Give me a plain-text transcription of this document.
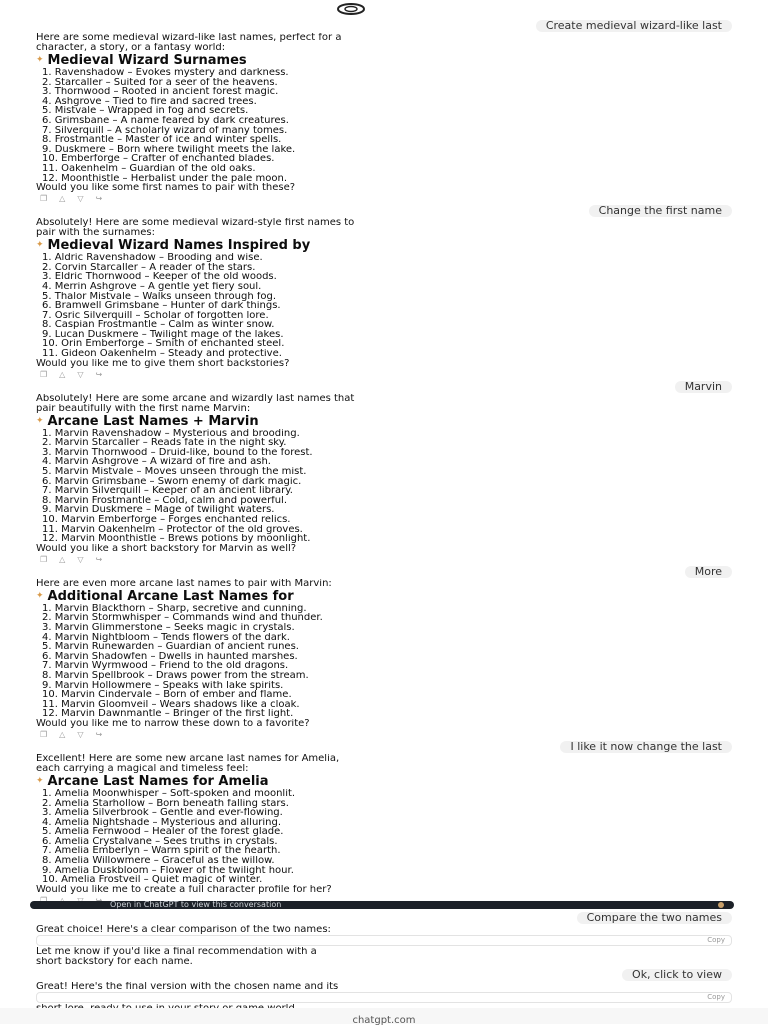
Create medieval wizard-like last

Here are some medieval wizard-like last names, perfect for a

character, a story, or a fantasy world:

✦ Medieval Wizard Surnames
1. Ravenshadow – Evokes mystery and darkness.
2. Starcaller – Suited for a seer of the heavens.
3. Thornwood – Rooted in ancient forest magic.
4. Ashgrove – Tied to fire and sacred trees.
5. Mistvale – Wrapped in fog and secrets.
6. Grimsbane – A name feared by dark creatures.
7. Silverquill – A scholarly wizard of many tomes.
8. Frostmantle – Master of ice and winter spells.
9. Duskmere – Born where twilight meets the lake.
10. Emberforge – Crafter of enchanted blades.
11. Oakenhelm – Guardian of the old oaks.
12. Moonthistle – Herbalist under the pale moon.

Would you like some first names to pair with these?

❐ △ ▽ ↪
Change the first name

Absolutely! Here are some medieval wizard-style first names to

pair with the surnames:

✦ Medieval Wizard Names Inspired by
1. Aldric Ravenshadow – Brooding and wise.
2. Corvin Starcaller – A reader of the stars.
3. Eldric Thornwood – Keeper of the old woods.
4. Merrin Ashgrove – A gentle yet fiery soul.
5. Thalor Mistvale – Walks unseen through fog.
6. Bramwell Grimsbane – Hunter of dark things.
7. Osric Silverquill – Scholar of forgotten lore.
8. Caspian Frostmantle – Calm as winter snow.
9. Lucan Duskmere – Twilight mage of the lakes.
10. Orin Emberforge – Smith of enchanted steel.
11. Gideon Oakenhelm – Steady and protective.

Would you like me to give them short backstories?

❐ △ ▽ ↪
Marvin

Absolutely! Here are some arcane and wizardly last names that

pair beautifully with the first name Marvin:

✦ Arcane Last Names + Marvin
1. Marvin Ravenshadow – Mysterious and brooding.
2. Marvin Starcaller – Reads fate in the night sky.
3. Marvin Thornwood – Druid-like, bound to the forest.
4. Marvin Ashgrove – A wizard of fire and ash.
5. Marvin Mistvale – Moves unseen through the mist.
6. Marvin Grimsbane – Sworn enemy of dark magic.
7. Marvin Silverquill – Keeper of an ancient library.
8. Marvin Frostmantle – Cold, calm and powerful.
9. Marvin Duskmere – Mage of twilight waters.
10. Marvin Emberforge – Forges enchanted relics.
11. Marvin Oakenhelm – Protector of the old groves.
12. Marvin Moonthistle – Brews potions by moonlight.

Would you like a short backstory for Marvin as well?

❐ △ ▽ ↪
More

Here are even more arcane last names to pair with Marvin:

✦ Additional Arcane Last Names for
1. Marvin Blackthorn – Sharp, secretive and cunning.
2. Marvin Stormwhisper – Commands wind and thunder.
3. Marvin Glimmerstone – Seeks magic in crystals.
4. Marvin Nightbloom – Tends flowers of the dark.
5. Marvin Runewarden – Guardian of ancient runes.
6. Marvin Shadowfen – Dwells in haunted marshes.
7. Marvin Wyrmwood – Friend to the old dragons.
8. Marvin Spellbrook – Draws power from the stream.
9. Marvin Hollowmere – Speaks with lake spirits.
10. Marvin Cindervale – Born of ember and flame.
11. Marvin Gloomveil – Wears shadows like a cloak.
12. Marvin Dawnmantle – Bringer of the first light.

Would you like me to narrow these down to a favorite?

❐ △ ▽ ↪
I like it now change the last

Excellent! Here are some new arcane last names for Amelia,

each carrying a magical and timeless feel:

✦ Arcane Last Names for Amelia
1. Amelia Moonwhisper – Soft-spoken and moonlit.
2. Amelia Starhollow – Born beneath falling stars.
3. Amelia Silverbrook – Gentle and ever-flowing.
4. Amelia Nightshade – Mysterious and alluring.
5. Amelia Fernwood – Healer of the forest glade.
6. Amelia Crystalvane – Sees truths in crystals.
7. Amelia Emberlyn – Warm spirit of the hearth.
8. Amelia Willowmere – Graceful as the willow.
9. Amelia Duskbloom – Flower of the twilight hour.
10. Amelia Frostveil – Quiet magic of winter.

Would you like me to create a full character profile for her?

Open in ChatGPT to view this conversation
Compare the two names

Great choice! Here's a clear comparison of the two names:

Copy

Let me know if you'd like a final recommendation with a

short backstory for each name.

Ok, click to view

Great! Here's the final version with the chosen name and its

Copy

chatgpt.com
